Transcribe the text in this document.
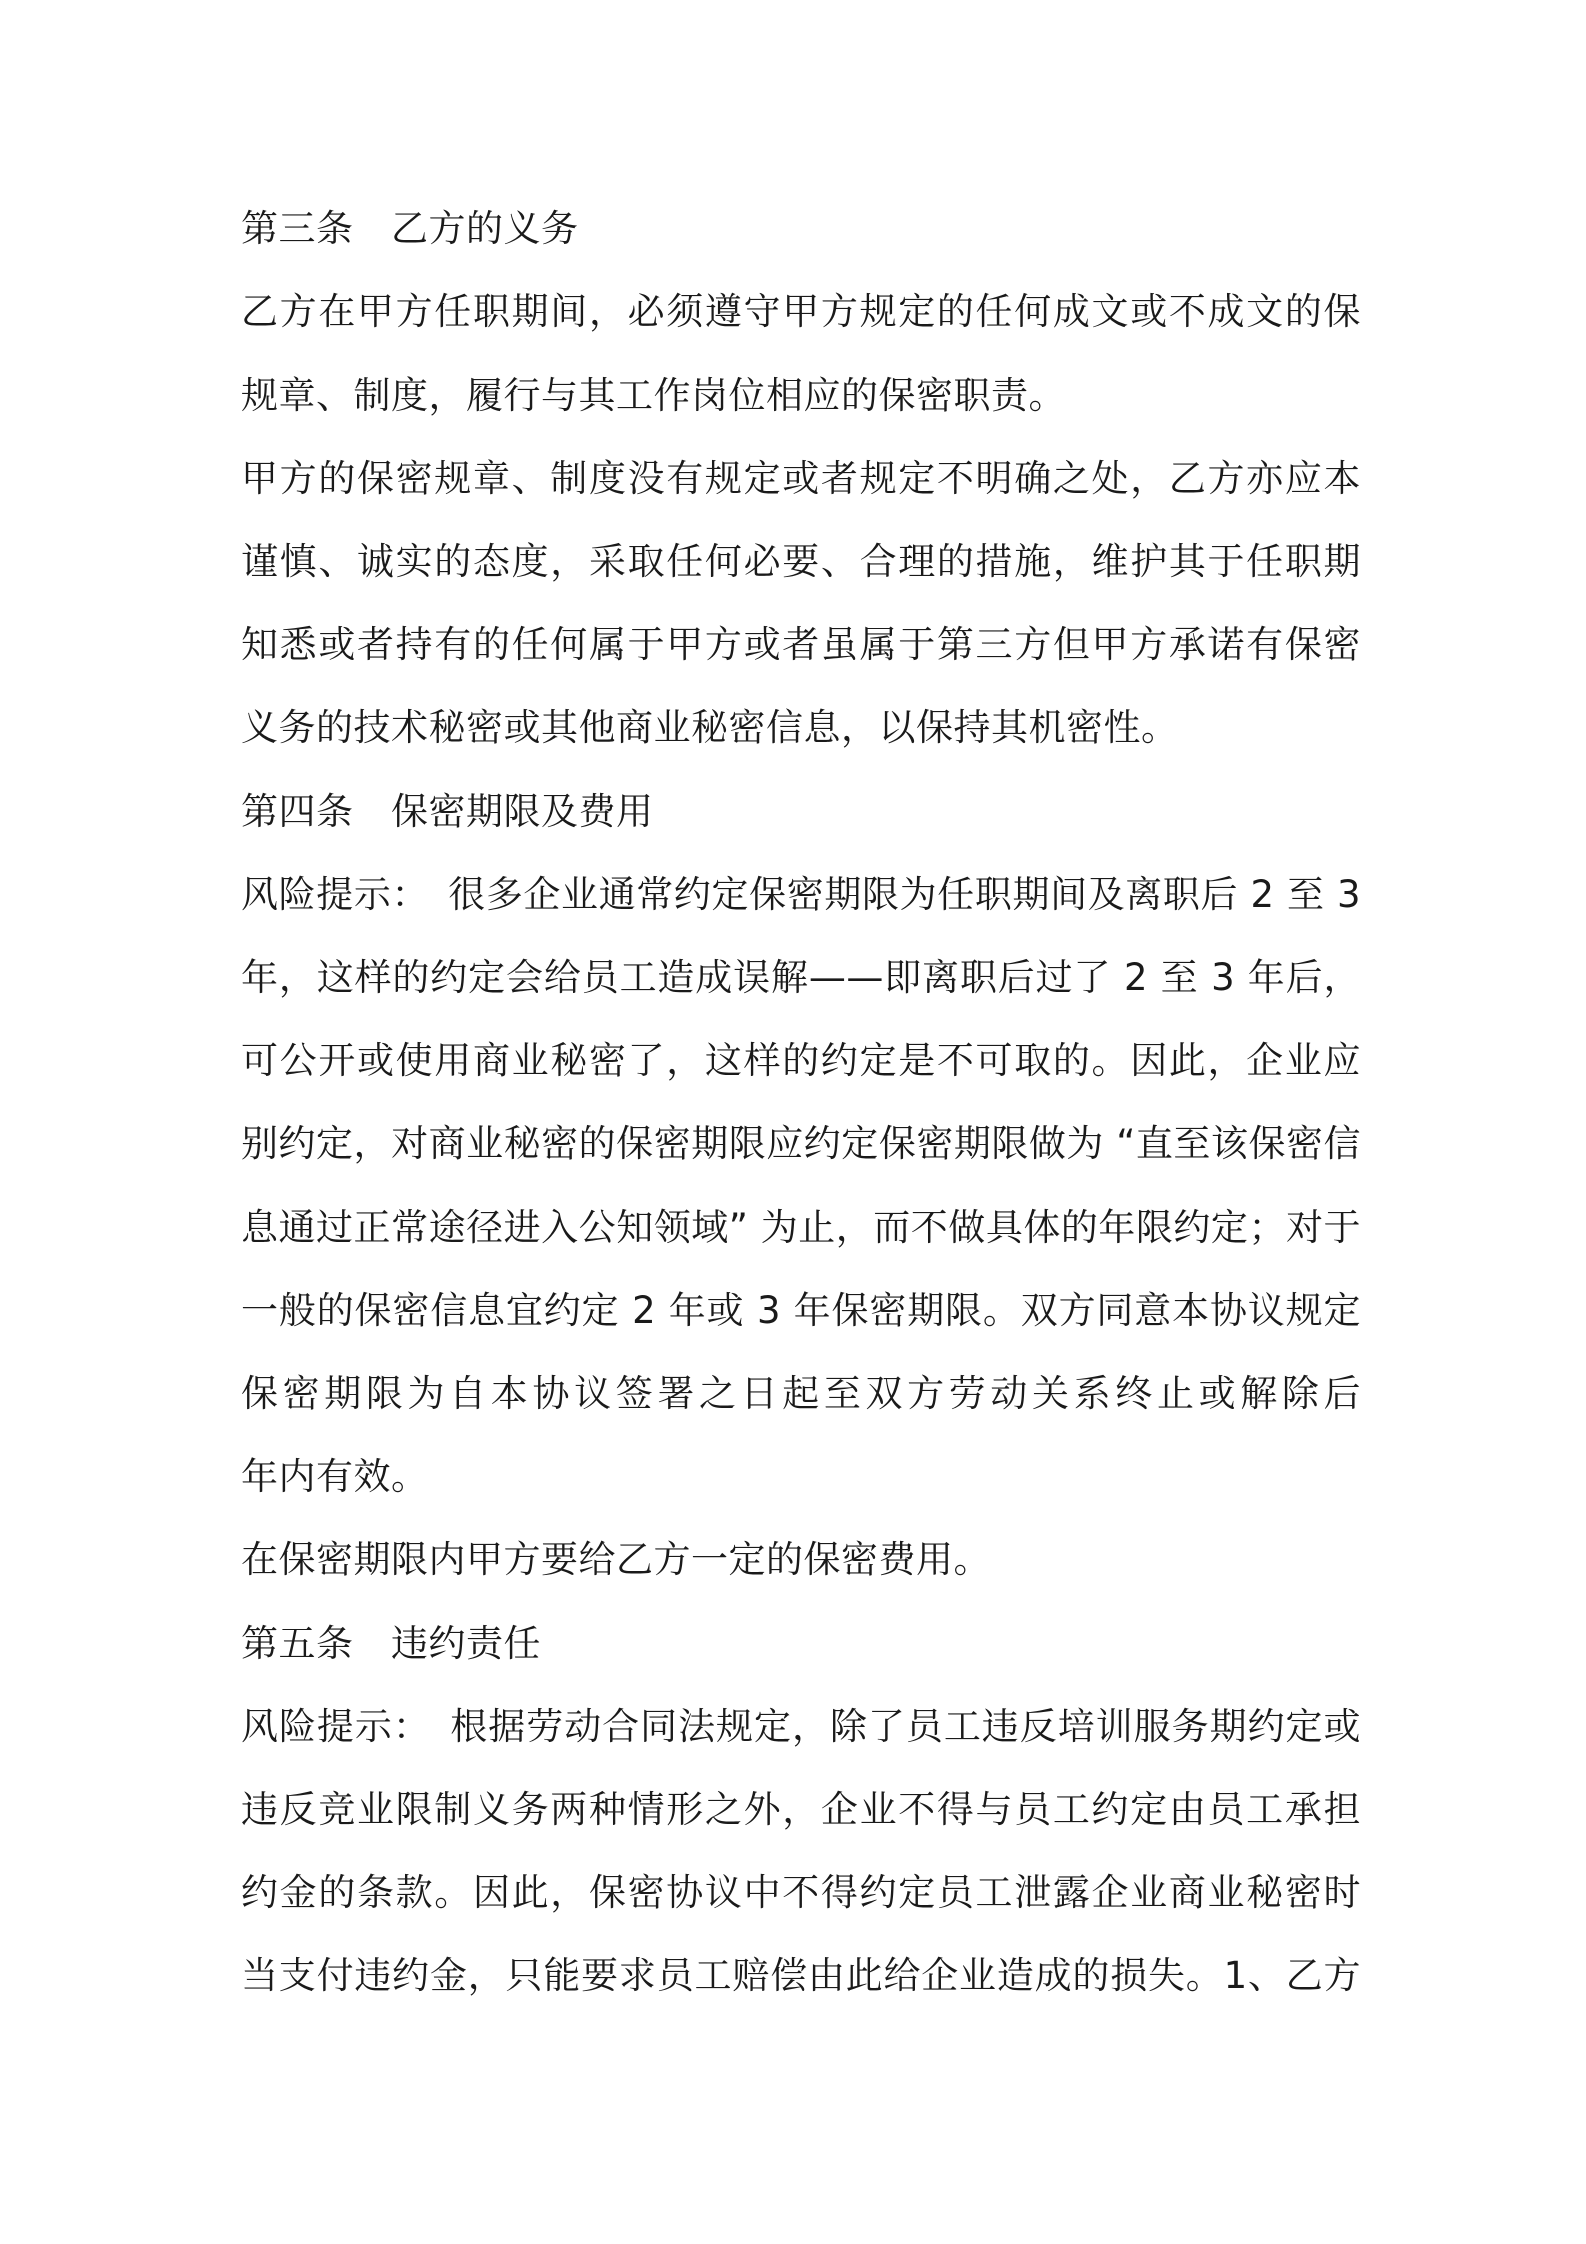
第三条　乙方的义务
乙方在甲方任职期间，必须遵守甲方规定的任何成文或不成文的保
规章、制度，履行与其工作岗位相应的保密职责。
甲方的保密规章、制度没有规定或者规定不明确之处，乙方亦应本
谨慎、诚实的态度，采取任何必要、合理的措施，维护其于任职期
知悉或者持有的任何属于甲方或者虽属于第三方但甲方承诺有保密
义务的技术秘密或其他商业秘密信息，以保持其机密性。
第四条　保密期限及费用
风险提示：　很多企业通常约定保密期限为任职期间及离职后 2 至 3
年，这样的约定会给员工造成误解——即离职后过了 2 至 3 年后，
可公开或使用商业秘密了，这样的约定是不可取的。因此，企业应
别约定，对商业秘密的保密期限应约定保密期限做为 “直至该保密信
息通过正常途径进入公知领域” 为止，而不做具体的年限约定；对于
一般的保密信息宜约定 2 年或 3 年保密期限。双方同意本协议规定
保密期限为自本协议签署之日起至双方劳动关系终止或解除后
年内有效。
在保密期限内甲方要给乙方一定的保密费用。
第五条　违约责任
风险提示：　根据劳动合同法规定，除了员工违反培训服务期约定或
违反竞业限制义务两种情形之外，企业不得与员工约定由员工承担
约金的条款。因此，保密协议中不得约定员工泄露企业商业秘密时
当支付违约金，只能要求员工赔偿由此给企业造成的损失。1、乙方
